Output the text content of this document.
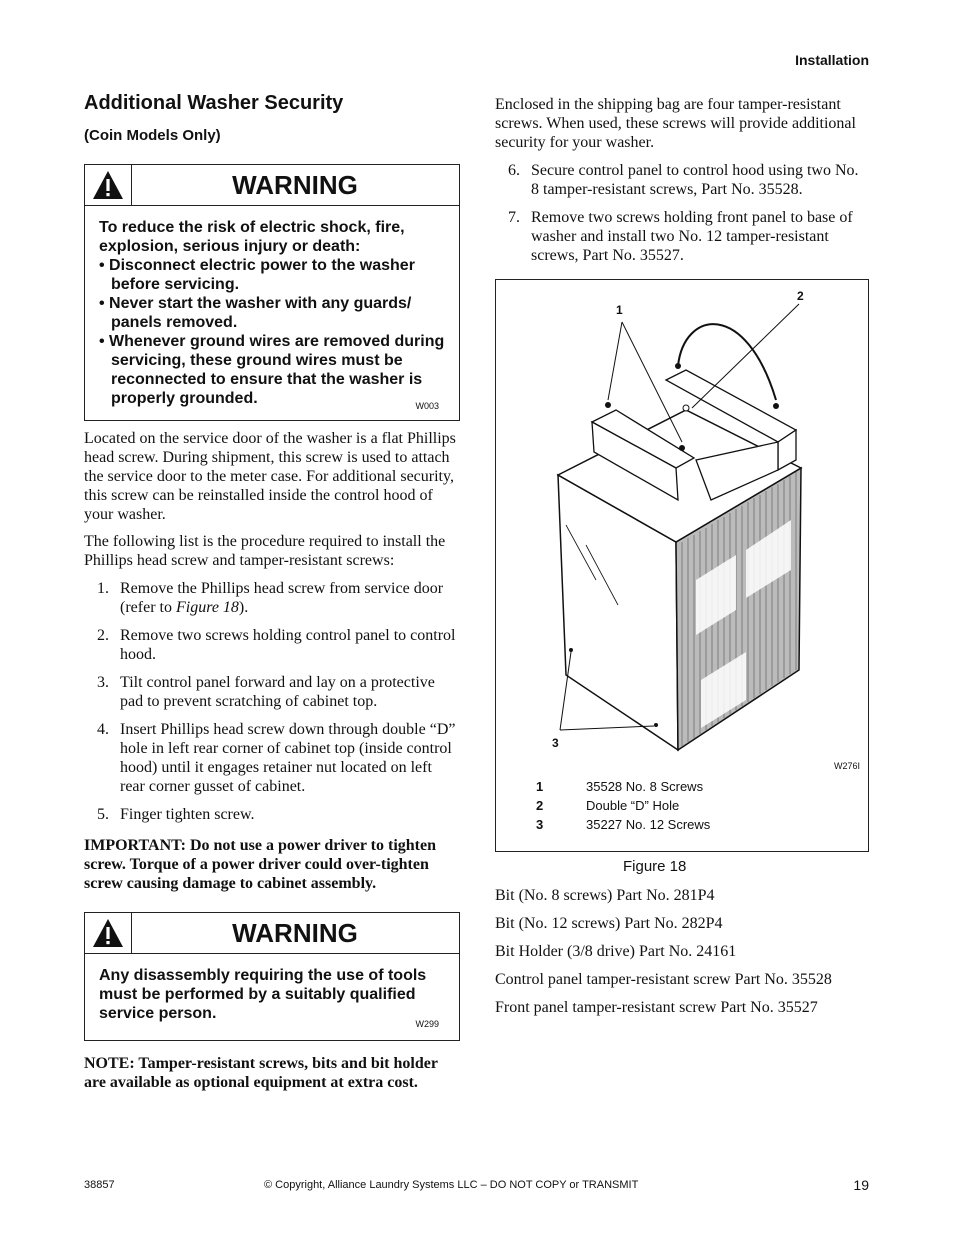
Installation
Additional Washer Security
(Coin Models Only)
WARNING

To reduce the risk of electric shock, fire, explosion, serious injury or death:

• Disconnect electric power to the washer before servicing.
• Never start the washer with any guards/ panels removed.
• Whenever ground wires are removed during servicing, these ground wires must be reconnected to ensure that the washer is properly grounded.	W003

Located on the service door of the washer is a flat Phillips head screw. During shipment, this screw is used to attach the service door to the meter case. For additional security, this screw can be reinstalled inside the control hood of your washer.

The following list is the procedure required to install the Phillips head screw and tamper-resistant screws:

1. Remove the Phillips head screw from service door (refer to Figure 18).
2. Remove two screws holding control panel to control hood.
3. Tilt control panel forward and lay on a protective pad to prevent scratching of cabinet top.
4. Insert Phillips head screw down through double “D” hole in left rear corner of cabinet top (inside control hood) until it engages retainer nut located on left rear corner gusset of cabinet.
5. Finger tighten screw.

IMPORTANT: Do not use a power driver to tighten screw. Torque of a power driver could over-tighten screw causing damage to cabinet assembly.

WARNING

Any disassembly requiring the use of tools must be performed by a suitably qualified service person.

W299

NOTE: Tamper-resistant screws, bits and bit holder are available as optional equipment at extra cost.

Enclosed in the shipping bag are four tamper-resistant screws. When used, these screws will provide additional security for your washer.

6. Secure control panel to control hood using two No. 8 tamper-resistant screws, Part No. 35528.
7. Remove two screws holding front panel to base of washer and install two No. 12 tamper-resistant screws, Part No. 35527.
1
2
3
W276I
1	35528 No. 8 Screws
2	Double “D” Hole
3	35227 No. 12 Screws
Figure 18

Bit (No. 8 screws) Part No. 281P4

Bit (No. 12 screws) Part No. 282P4

Bit Holder (3/8 drive) Part No. 24161

Control panel tamper-resistant screw Part No. 35528

Front panel tamper-resistant screw Part No. 35527

38857	© Copyright, Alliance Laundry Systems LLC – DO NOT COPY or TRANSMIT	19
